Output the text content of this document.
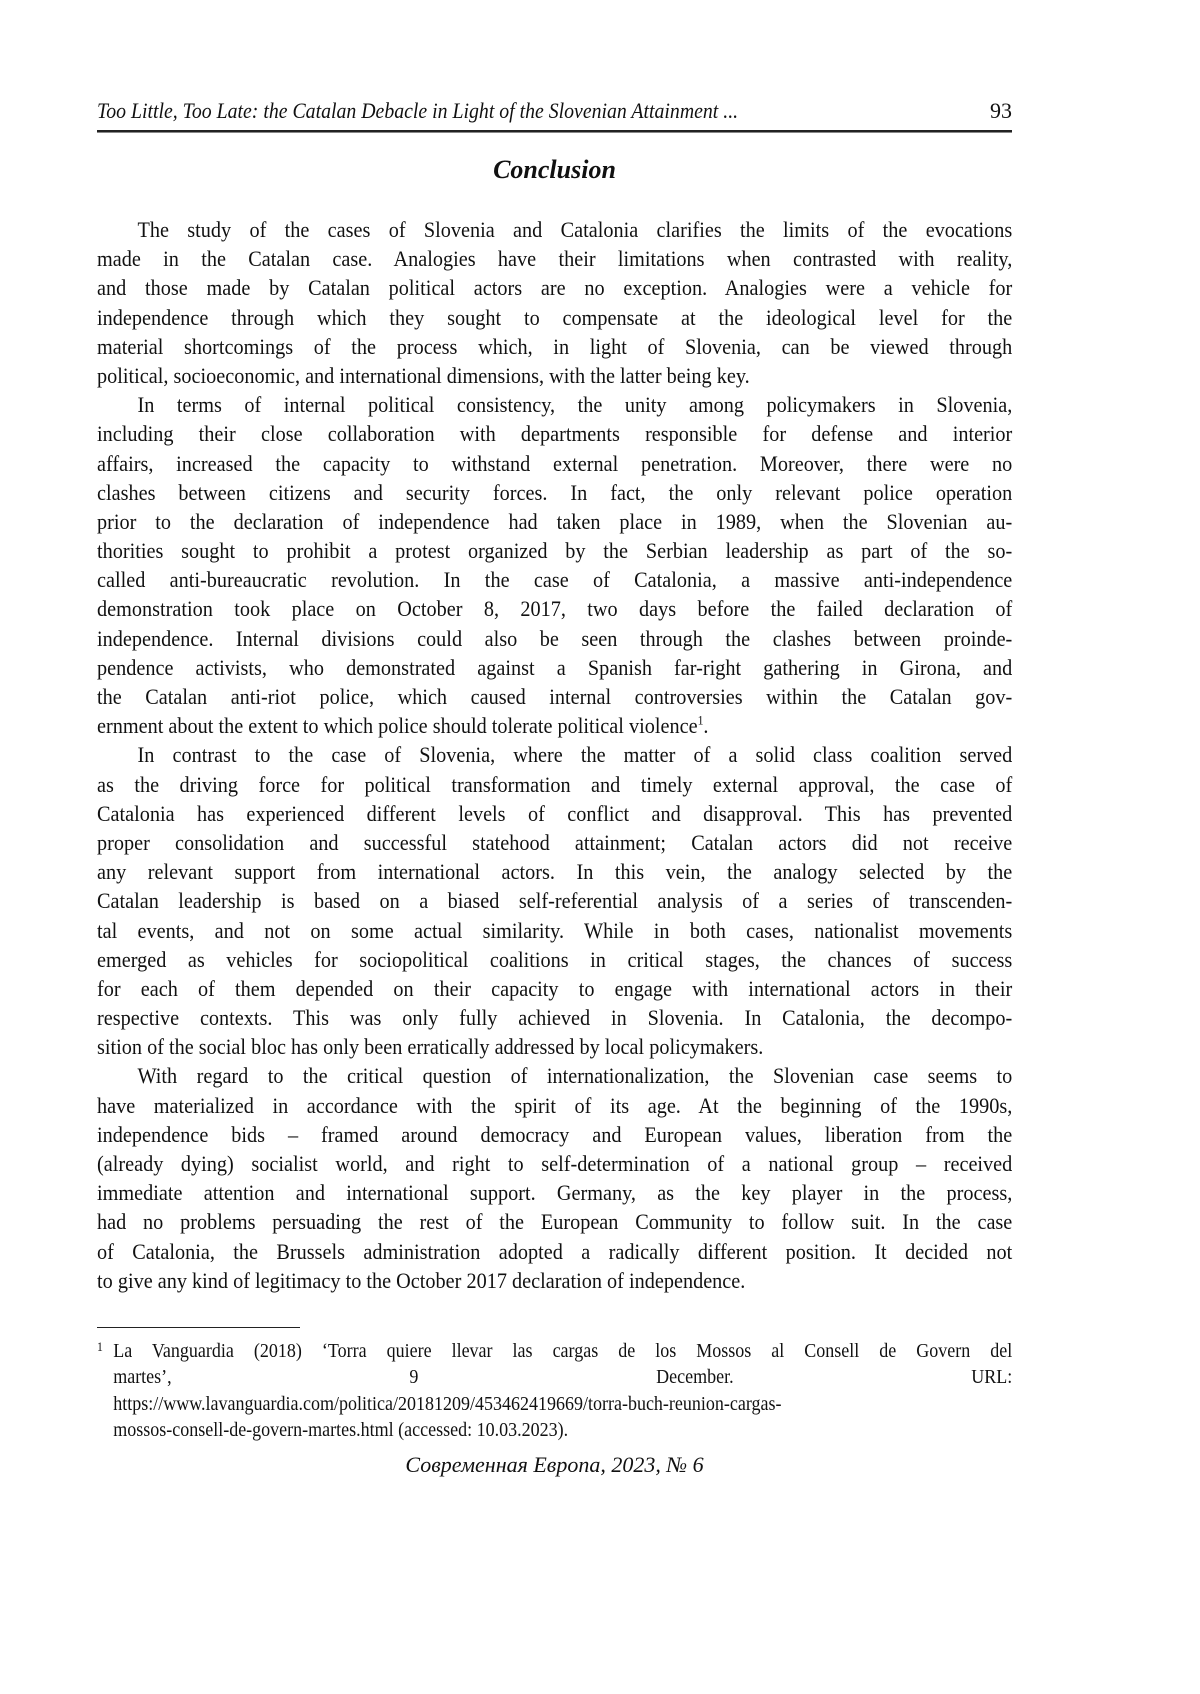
Too Little, Too Late: the Catalan Debacle in Light of the Slovenian Attainment ...	93
Conclusion
The study of the cases of Slovenia and Catalonia clarifies the limits of the evocations
made in the Catalan case. Analogies have their limitations when contrasted with reality,
and those made by Catalan political actors are no exception. Analogies were a vehicle for
independence through which they sought to compensate at the ideological level for the
material shortcomings of the process which, in light of Slovenia, can be viewed through
political, socioeconomic, and international dimensions, with the latter being key.
In terms of internal political consistency, the unity among policymakers in Slovenia,
including their close collaboration with departments responsible for defense and interior
affairs, increased the capacity to withstand external penetration. Moreover, there were no
clashes between citizens and security forces. In fact, the only relevant police operation
prior to the declaration of independence had taken place in 1989, when the Slovenian au-
thorities sought to prohibit a protest organized by the Serbian leadership as part of the so-
called anti-bureaucratic revolution. In the case of Catalonia, a massive anti-independence
demonstration took place on October 8, 2017, two days before the failed declaration of
independence. Internal divisions could also be seen through the clashes between proinde-
pendence activists, who demonstrated against a Spanish far-right gathering in Girona, and
the Catalan anti-riot police, which caused internal controversies within the Catalan gov-
ernment about the extent to which police should tolerate political violence$^1$.
In contrast to the case of Slovenia, where the matter of a solid class coalition served
as the driving force for political transformation and timely external approval, the case of
Catalonia has experienced different levels of conflict and disapproval. This has prevented
proper consolidation and successful statehood attainment; Catalan actors did not receive
any relevant support from international actors. In this vein, the analogy selected by the
Catalan leadership is based on a biased self-referential analysis of a series of transcenden-
tal events, and not on some actual similarity. While in both cases, nationalist movements
emerged as vehicles for sociopolitical coalitions in critical stages, the chances of success
for each of them depended on their capacity to engage with international actors in their
respective contexts. This was only fully achieved in Slovenia. In Catalonia, the decompo-
sition of the social bloc has only been erratically addressed by local policymakers.
With regard to the critical question of internationalization, the Slovenian case seems to
have materialized in accordance with the spirit of its age. At the beginning of the 1990s,
independence bids – framed around democracy and European values, liberation from the
(already dying) socialist world, and right to self-determination of a national group – received
immediate attention and international support. Germany, as the key player in the process,
had no problems persuading the rest of the European Community to follow suit. In the case
of Catalonia, the Brussels administration adopted a radically different position. It decided not
to give any kind of legitimacy to the October 2017 declaration of independence.
1 La Vanguardia (2018) ‘Torra quiere llevar las cargas de los Mossos al Consell de Govern del
martes’, 9 December. URL:
https://www.lavanguardia.com/politica/20181209/453462419669/torra-buch-reunion-cargas-
mossos-consell-de-govern-martes.html (accessed: 10.03.2023).
Современная Европа, 2023, № 6
